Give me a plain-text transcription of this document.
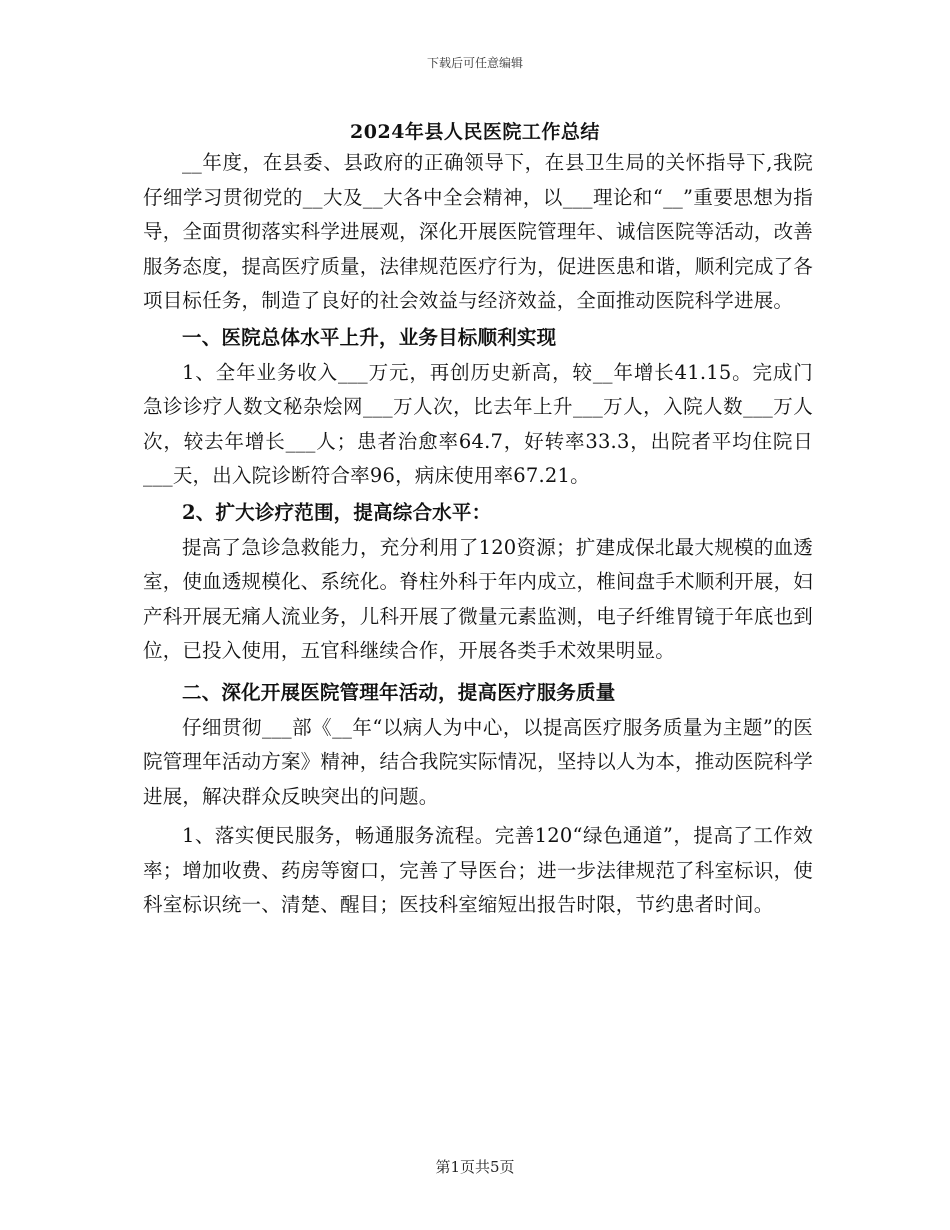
下载后可任意编辑
2024年县人民医院工作总结

__年度，在县委、县政府的正确领导下，在县卫生局的关怀指导下,我院仔细学习贯彻党的__大及__大各中全会精神，以___理论和“__”重要思想为指导，全面贯彻落实科学进展观，深化开展医院管理年、诚信医院等活动，改善服务态度，提高医疗质量，法律规范医疗行为，促进医患和谐，顺利完成了各项目标任务，制造了良好的社会效益与经济效益，全面推动医院科学进展。

一、医院总体水平上升，业务目标顺利实现

1、全年业务收入___万元，再创历史新高，较__年增长41.15。完成门急诊诊疗人数文秘杂烩网___万人次，比去年上升___万人，入院人数___万人次，较去年增长___人；患者治愈率64.7，好转率33.3，出院者平均住院日___天，出入院诊断符合率96，病床使用率67.21。

2、扩大诊疗范围，提高综合水平：

提高了急诊急救能力，充分利用了120资源；扩建成保北最大规模的血透室，使血透规模化、系统化。脊柱外科于年内成立，椎间盘手术顺利开展，妇产科开展无痛人流业务，儿科开展了微量元素监测，电子纤维胃镜于年底也到位，已投入使用，五官科继续合作，开展各类手术效果明显。

二、深化开展医院管理年活动，提高医疗服务质量

仔细贯彻___部《__年“以病人为中心，以提高医疗服务质量为主题”的医院管理年活动方案》精神，结合我院实际情况，坚持以人为本，推动医院科学进展，解决群众反映突出的问题。

1、落实便民服务，畅通服务流程。完善120“绿色通道”，提高了工作效率；增加收费、药房等窗口，完善了导医台；进一步法律规范了科室标识，使科室标识统一、清楚、醒目；医技科室缩短出报告时限，节约患者时间。

第1页共5页
